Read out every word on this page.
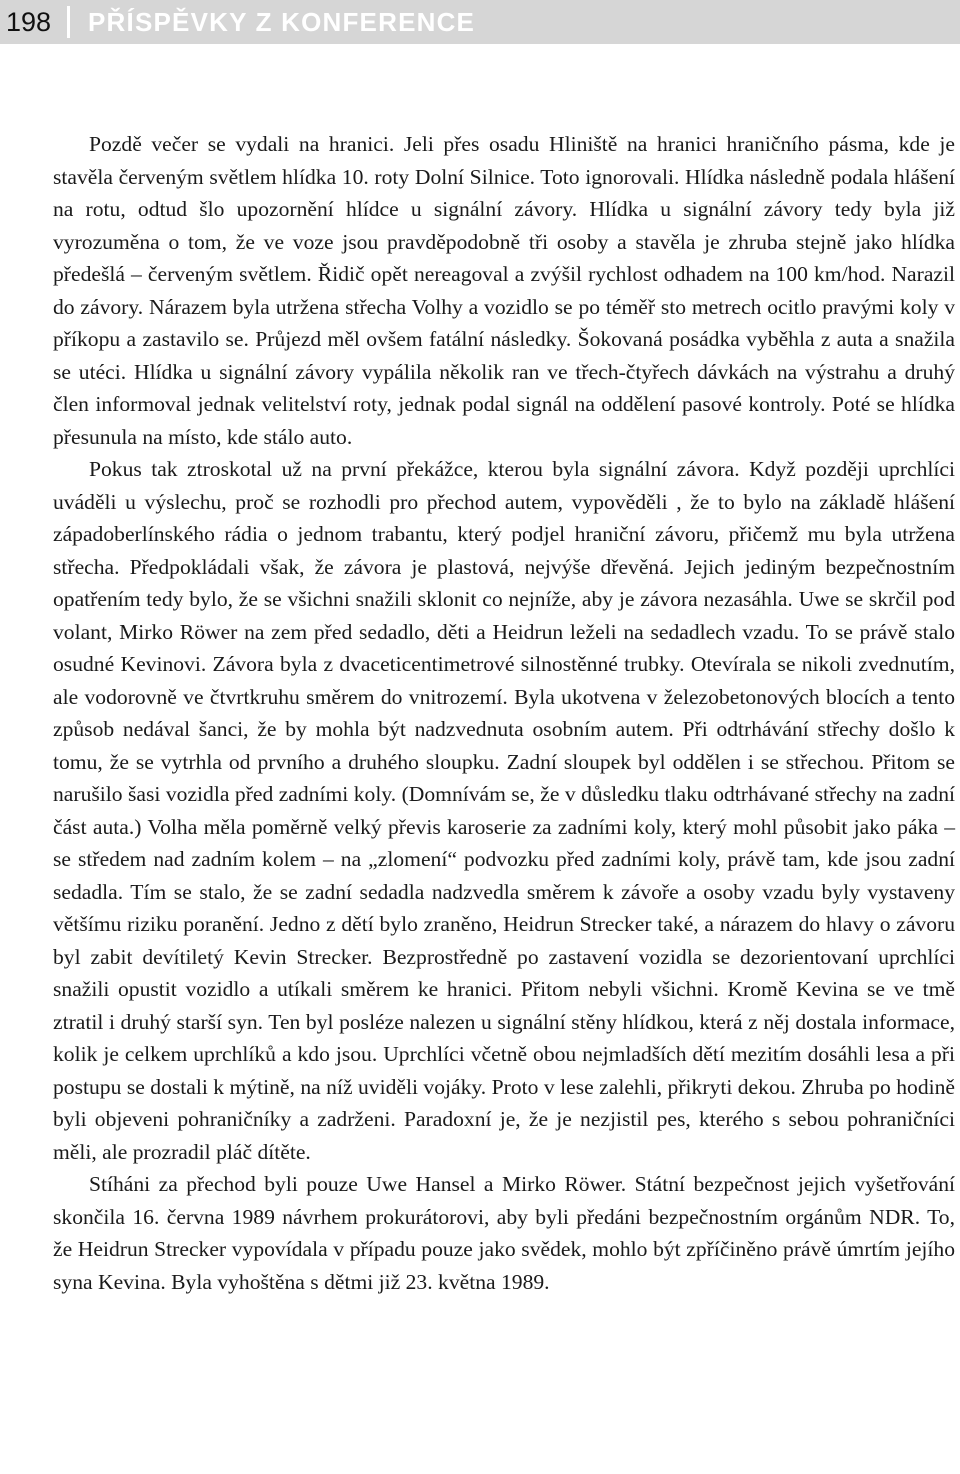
198 PŘÍSPĚVKY Z KONFERENCE

Pozdě večer se vydali na hranici. Jeli přes osadu Hliniště na hranici hraničního pásma, kde je stavěla červeným světlem hlídka 10. roty Dolní Silnice. Toto ignorovali. Hlídka následně podala hlášení na rotu, odtud šlo upozornění hlídce u signální závory. Hlídka u signální závory tedy byla již vyrozuměna o tom, že ve voze jsou pravděpodobně tři osoby a stavěla je zhruba stejně jako hlídka předešlá – červeným světlem. Řidič opět nereagoval a zvýšil rychlost odhadem na 100 km/hod. Narazil do závory. Nárazem byla utržena střecha Volhy a vozidlo se po téměř sto metrech ocitlo pravými koly v příkopu a zastavilo se. Průjezd měl ovšem fatální následky. Šokovaná posádka vyběhla z auta a snažila se utéci. Hlídka u signální závory vypálila několik ran ve třech-čtyřech dávkách na výstrahu a druhý člen informoval jednak velitelství roty, jednak podal signál na oddělení pasové kontroly. Poté se hlídka přesunula na místo, kde stálo auto.

Pokus tak ztroskotal už na první překážce, kterou byla signální závora. Když později uprchlíci uváděli u výslechu, proč se rozhodli pro přechod autem, vypověděli , že to bylo na základě hlášení západoberlínského rádia o jednom trabantu, který podjel hraniční závoru, přičemž mu byla utržena střecha. Předpokládali však, že závora je plastová, nejvýše dřevěná. Jejich jediným bezpečnostním opatřením tedy bylo, že se všichni snažili sklonit co nejníže, aby je závora nezasáhla. Uwe se skrčil pod volant, Mirko Röwer na zem před sedadlo, děti a Heidrun leželi na sedadlech vzadu. To se právě stalo osudné Kevinovi. Závora byla z dvaceticentimetrové silnostěnné trubky. Otevírala se nikoli zvednutím, ale vodorovně ve čtvrtkruhu směrem do vnitrozemí. Byla ukotvena v železobetonových blocích a tento způsob nedával šanci, že by mohla být nadzvednuta osobním autem. Při odtrhávání střechy došlo k tomu, že se vytrhla od prvního a druhého sloupku. Zadní sloupek byl oddělen i se střechou. Přitom se narušilo šasi vozidla před zadními koly. (Domnívám se, že v důsledku tlaku odtrhávané střechy na zadní část auta.) Volha měla poměrně velký převis karoserie za zadními koly, který mohl působit jako páka – se středem nad zadním kolem – na „zlomení“ podvozku před zadními koly, právě tam, kde jsou zadní sedadla. Tím se stalo, že se zadní sedadla nadzvedla směrem k závoře a osoby vzadu byly vystaveny většímu riziku poranění. Jedno z dětí bylo zraněno, Heidrun Strecker také, a nárazem do hlavy o závoru byl zabit devítiletý Kevin Strecker. Bezprostředně po zastavení vozidla se dezorientovaní uprchlíci snažili opustit vozidlo a utíkali směrem ke hranici. Přitom nebyli všichni. Kromě Kevina se ve tmě ztratil i druhý starší syn. Ten byl posléze nalezen u signální stěny hlídkou, která z něj dostala informace, kolik je celkem uprchlíků a kdo jsou. Uprchlíci včetně obou nejmladších dětí mezitím dosáhli lesa a při postupu se dostali k mýtině, na níž uviděli vojáky. Proto v lese zalehli, přikryti dekou. Zhruba po hodině byli objeveni pohraničníky a zadrženi. Paradoxní je, že je nezjistil pes, kterého s sebou pohraničníci měli, ale prozradil pláč dítěte.

Stíháni za přechod byli pouze Uwe Hansel a Mirko Röwer. Státní bezpečnost jejich vyšetřování skončila 16. června 1989 návrhem prokurátorovi, aby byli předáni bezpečnostním orgánům NDR. To, že Heidrun Strecker vypovídala v případu pouze jako svědek, mohlo být zpříčiněno právě úmrtím jejího syna Kevina. Byla vyhoštěna s dětmi již 23. května 1989.
